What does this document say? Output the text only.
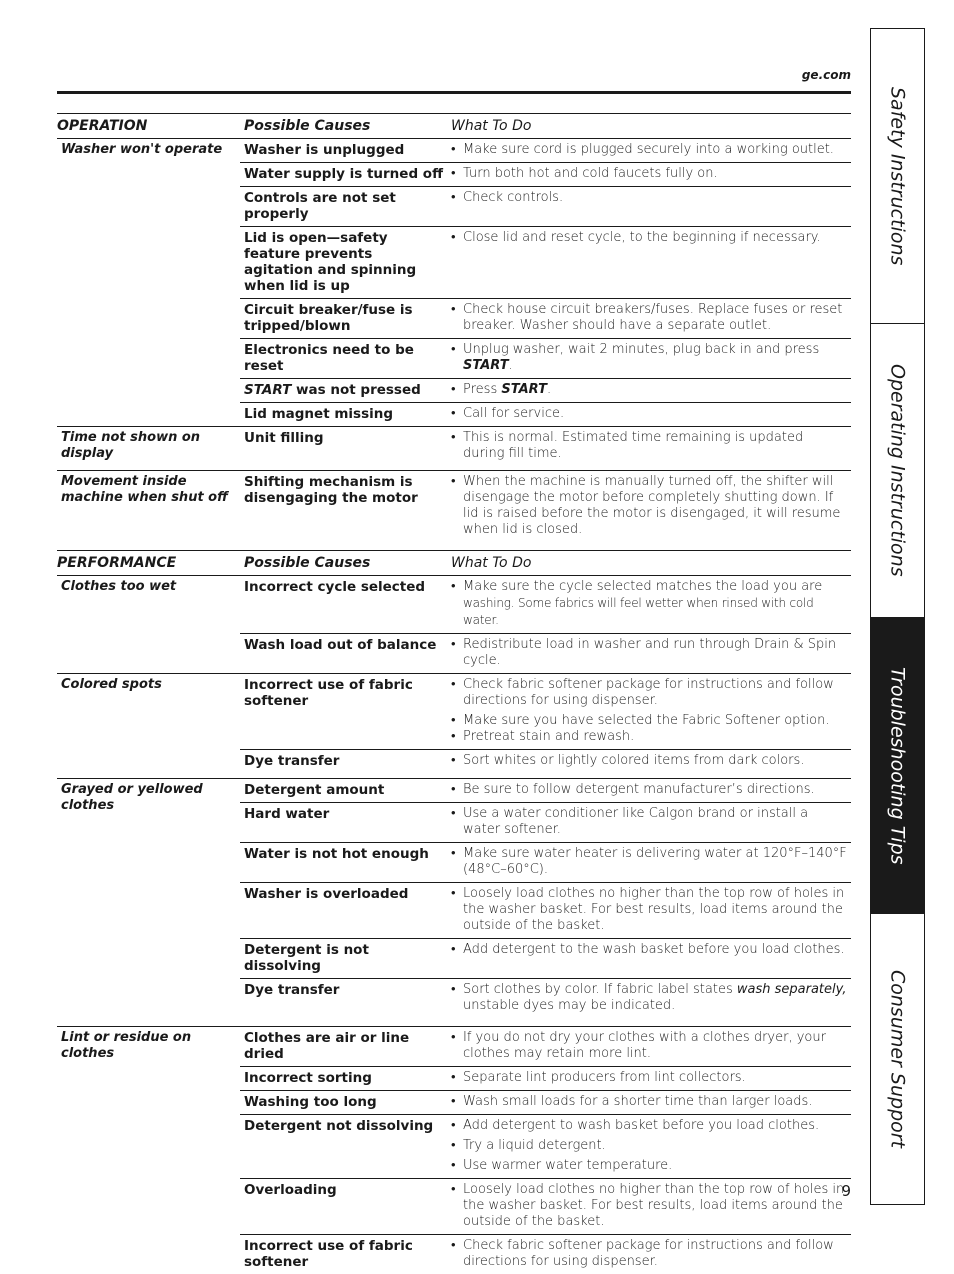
ge.com
OPERATION	Possible Causes	What To Do
Washer won't operate	Washer is unplugged	• Make sure cord is plugged securely into a working outlet.

	Water supply is turned off	• Turn both hot and cold faucets fully on.

	Controls are not set properly	• Check controls.

	Lid is open—safety feature prevents agitation and spinning when lid is up	• Close lid and reset cycle, to the beginning if necessary.

	Circuit breaker/fuse is tripped/blown	• Check house circuit breakers/fuses. Replace fuses or reset breaker. Washer should have a separate outlet.

	Electronics need to be reset	• Unplug washer, wait 2 minutes, plug back in and press START.

	START was not pressed	• Press START.

	Lid magnet missing	• Call for service.

Time not shown on display	Unit filling	• This is normal. Estimated time remaining is updated during fill time.

Movement inside machine when shut off	Shifting mechanism is disengaging the motor	• When the machine is manually turned off, the shifter will disengage the motor before completely shutting down. If lid is raised before the motor is disengaged, it will resume when lid is closed.

PERFORMANCE	Possible Causes	What To Do
Clothes too wet	Incorrect cycle selected	• Make sure the cycle selected matches the load you are
washing. Some fabrics will feel wetter when rinsed with cold water.

	Wash load out of balance	• Redistribute load in washer and run through Drain & Spin cycle.

Colored spots	Incorrect use of fabric softener	• Check fabric softener package for instructions and follow directions for using dispenser.
• Make sure you have selected the Fabric Softener option.
• Pretreat stain and rewash.

	Dye transfer	• Sort whites or lightly colored items from dark colors.

Grayed or yellowed clothes	Detergent amount	• Be sure to follow detergent manufacturer’s directions.

	Hard water	• Use a water conditioner like Calgon brand or install a water softener.

	Water is not hot enough	• Make sure water heater is delivering water at 120°F–140°F (48°C–60°C).

	Washer is overloaded	• Loosely load clothes no higher than the top row of holes in the washer basket. For best results, load items around the outside of the basket.

	Detergent is not dissolving	• Add detergent to the wash basket before you load clothes.

	Dye transfer	• Sort clothes by color. If fabric label states wash separately, unstable dyes may be indicated.

Lint or residue on clothes	Clothes are air or line dried	• If you do not dry your clothes with a clothes dryer, your clothes may retain more lint.

	Incorrect sorting	• Separate lint producers from lint collectors.

	Washing too long	• Wash small loads for a shorter time than larger loads.

	Detergent not dissolving	• Add detergent to wash basket before you load clothes.
• Try a liquid detergent.
• Use warmer water temperature.

	Overloading	• Loosely load clothes no higher than the top row of holes in the washer basket. For best results, load items around the outside of the basket.

	Incorrect use of fabric softener	• Check fabric softener package for instructions and follow directions for using dispenser.
9
Safety Instructions
Operating Instructions
Troubleshooting Tips
Consumer Support
